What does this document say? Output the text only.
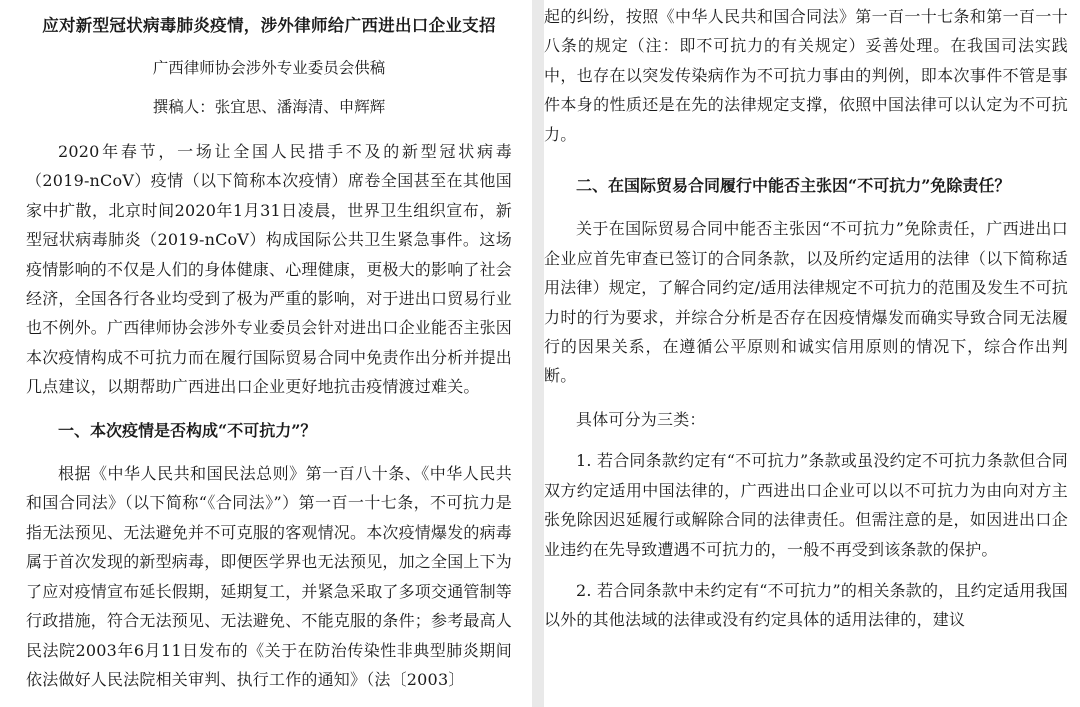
应对新型冠状病毒肺炎疫情，涉外律师给广西进出口企业支招

广西律师协会涉外专业委员会供稿

撰稿人：张宜思、潘海清、申辉辉

2020年春节，一场让全国人民措手不及的新型冠状病毒（2019-nCoV）疫情（以下简称本次疫情）席卷全国甚至在其他国家中扩散，北京时间2020年1月31日凌晨，世界卫生组织宣布，新型冠状病毒肺炎（2019-nCoV）构成国际公共卫生紧急事件。这场疫情影响的不仅是人们的身体健康、心理健康，更极大的影响了社会经济，全国各行各业均受到了极为严重的影响，对于进出口贸易行业也不例外。广西律师协会涉外专业委员会针对进出口企业能否主张因本次疫情构成不可抗力而在履行国际贸易合同中免责作出分析并提出几点建议，以期帮助广西进出口企业更好地抗击疫情渡过难关。

一、本次疫情是否构成“不可抗力”？

根据《中华人民共和国民法总则》第一百八十条、《中华人民共和国合同法》（以下简称“《合同法》”）第一百一十七条，不可抗力是指无法预见、无法避免并不可克服的客观情况。本次疫情爆发的病毒属于首次发现的新型病毒，即便医学界也无法预见，加之全国上下为了应对疫情宣布延长假期，延期复工，并紧急采取了多项交通管制等行政措施，符合无法预见、无法避免、不能克服的条件；参考最高人民法院2003年6月11日发布的《关于在防治传染性非典型肺炎期间依法做好人民法院相关审判、执行工作的通知》（法〔2003〕

起的纠纷，按照《中华人民共和国合同法》第一百一十七条和第一百一十八条的规定（注：即不可抗力的有关规定）妥善处理。在我国司法实践中，也存在以突发传染病作为不可抗力事由的判例，即本次事件不管是事件本身的性质还是在先的法律规定支撑，依照中国法律可以认定为不可抗力。

二、在国际贸易合同履行中能否主张因“不可抗力”免除责任？

关于在国际贸易合同中能否主张因“不可抗力”免除责任，广西进出口企业应首先审查已签订的合同条款，以及所约定适用的法律（以下简称适用法律）规定，了解合同约定/适用法律规定不可抗力的范围及发生不可抗力时的行为要求，并综合分析是否存在因疫情爆发而确实导致合同无法履行的因果关系，在遵循公平原则和诚实信用原则的情况下，综合作出判断。

具体可分为三类：

1. 若合同条款约定有“不可抗力”条款或虽没约定不可抗力条款但合同双方约定适用中国法律的，广西进出口企业可以以不可抗力为由向对方主张免除因迟延履行或解除合同的法律责任。但需注意的是，如因进出口企业违约在先导致遭遇不可抗力的，一般不再受到该条款的保护。

2. 若合同条款中未约定有“不可抗力”的相关条款的，且约定适用我国以外的其他法域的法律或没有约定具体的适用法律的，建议
